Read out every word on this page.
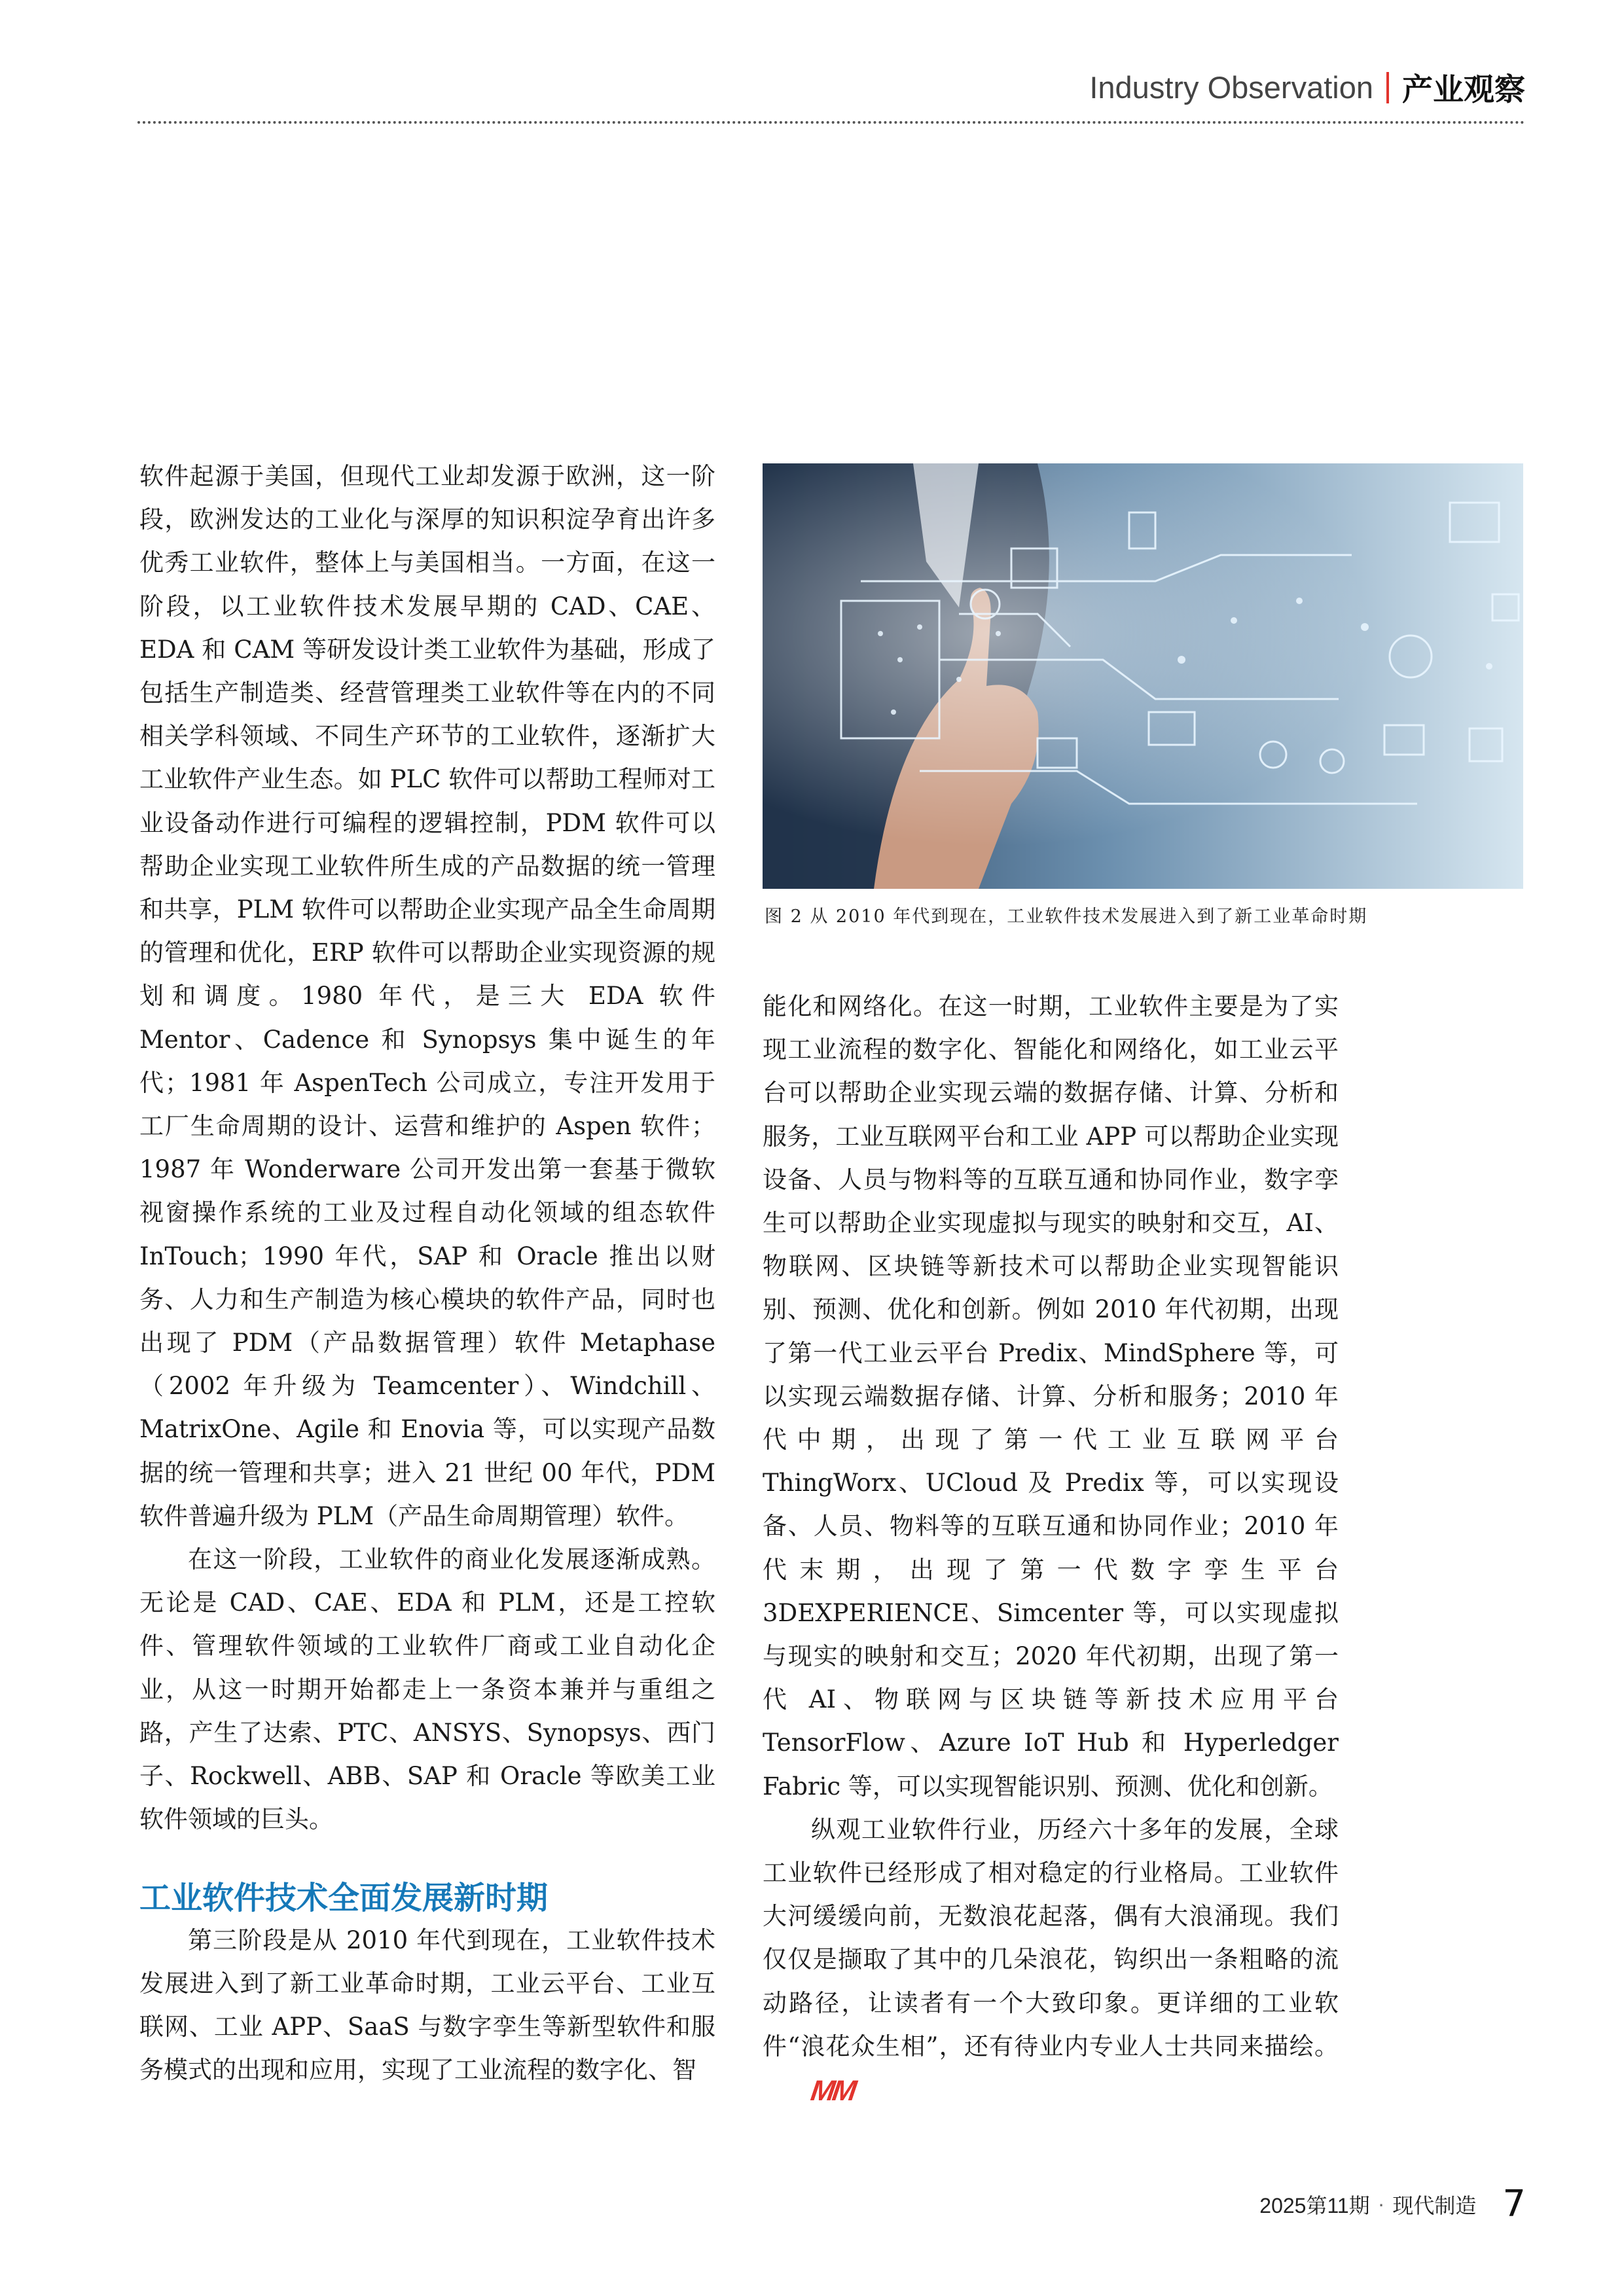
Industry Observation 产业观察

软件起源于美国，但现代工业却发源于欧洲，这一阶段，欧洲发达的工业化与深厚的知识积淀孕育出许多优秀工业软件，整体上与美国相当。一方面，在这一阶段，以工业软件技术发展早期的 CAD、CAE、EDA 和 CAM 等研发设计类工业软件为基础，形成了包括生产制造类、经营管理类工业软件等在内的不同相关学科领域、不同生产环节的工业软件，逐渐扩大工业软件产业生态。如 PLC 软件可以帮助工程师对工业设备动作进行可编程的逻辑控制，PDM 软件可以帮助企业实现工业软件所生成的产品数据的统一管理和共享，PLM 软件可以帮助企业实现产品全生命周期的管理和优化，ERP 软件可以帮助企业实现资源的规划和调度。1980 年代，是三大 EDA 软件 Mentor、Cadence 和 Synopsys 集中诞生的年代；1981 年 AspenTech 公司成立，专注开发用于工厂生命周期的设计、运营和维护的 Aspen 软件；1987 年 Wonderware 公司开发出第一套基于微软视窗操作系统的工业及过程自动化领域的组态软件 InTouch；1990 年代，SAP 和 Oracle 推出以财务、人力和生产制造为核心模块的软件产品，同时也出现了 PDM（产品数据管理）软件 Metaphase（2002 年升级为 Teamcenter）、Windchill、MatrixOne、Agile 和 Enovia 等，可以实现产品数据的统一管理和共享；进入 21 世纪 00 年代，PDM 软件普遍升级为 PLM（产品生命周期管理）软件。

在这一阶段，工业软件的商业化发展逐渐成熟。无论是 CAD、CAE、EDA 和 PLM，还是工控软件、管理软件领域的工业软件厂商或工业自动化企业，从这一时期开始都走上一条资本兼并与重组之路，产生了达索、PTC、ANSYS、Synopsys、西门子、Rockwell、ABB、SAP 和 Oracle 等欧美工业软件领域的巨头。

工业软件技术全面发展新时期

第三阶段是从 2010 年代到现在，工业软件技术发展进入到了新工业革命时期，工业云平台、工业互联网、工业 APP、SaaS 与数字孪生等新型软件和服务模式的出现和应用，实现了工业流程的数字化、智

图 2 从 2010 年代到现在，工业软件技术发展进入到了新工业革命时期

能化和网络化。在这一时期，工业软件主要是为了实现工业流程的数字化、智能化和网络化，如工业云平台可以帮助企业实现云端的数据存储、计算、分析和服务，工业互联网平台和工业 APP 可以帮助企业实现设备、人员与物料等的互联互通和协同作业，数字孪生可以帮助企业实现虚拟与现实的映射和交互，AI、物联网、区块链等新技术可以帮助企业实现智能识别、预测、优化和创新。例如 2010 年代初期，出现了第一代工业云平台 Predix、MindSphere 等，可以实现云端数据存储、计算、分析和服务；2010 年代中期，出现了第一代工业互联网平台 ThingWorx、UCloud 及 Predix 等，可以实现设备、人员、物料等的互联互通和协同作业；2010 年代末期，出现了第一代数字孪生平台 3DEXPERIENCE、Simcenter 等，可以实现虚拟与现实的映射和交互；2020 年代初期，出现了第一代 AI、物联网与区块链等新技术应用平台 TensorFlow、Azure IoT Hub 和 Hyperledger Fabric 等，可以实现智能识别、预测、优化和创新。

纵观工业软件行业，历经六十多年的发展，全球工业软件已经形成了相对稳定的行业格局。工业软件大河缓缓向前，无数浪花起落，偶有大浪涌现。我们仅仅是撷取了其中的几朵浪花，钩织出一条粗略的流动路径，让读者有一个大致印象。更详细的工业软件“浪花众生相”，还有待业内专业人士共同来描绘。MM

2025第11期 · 现代制造 7
